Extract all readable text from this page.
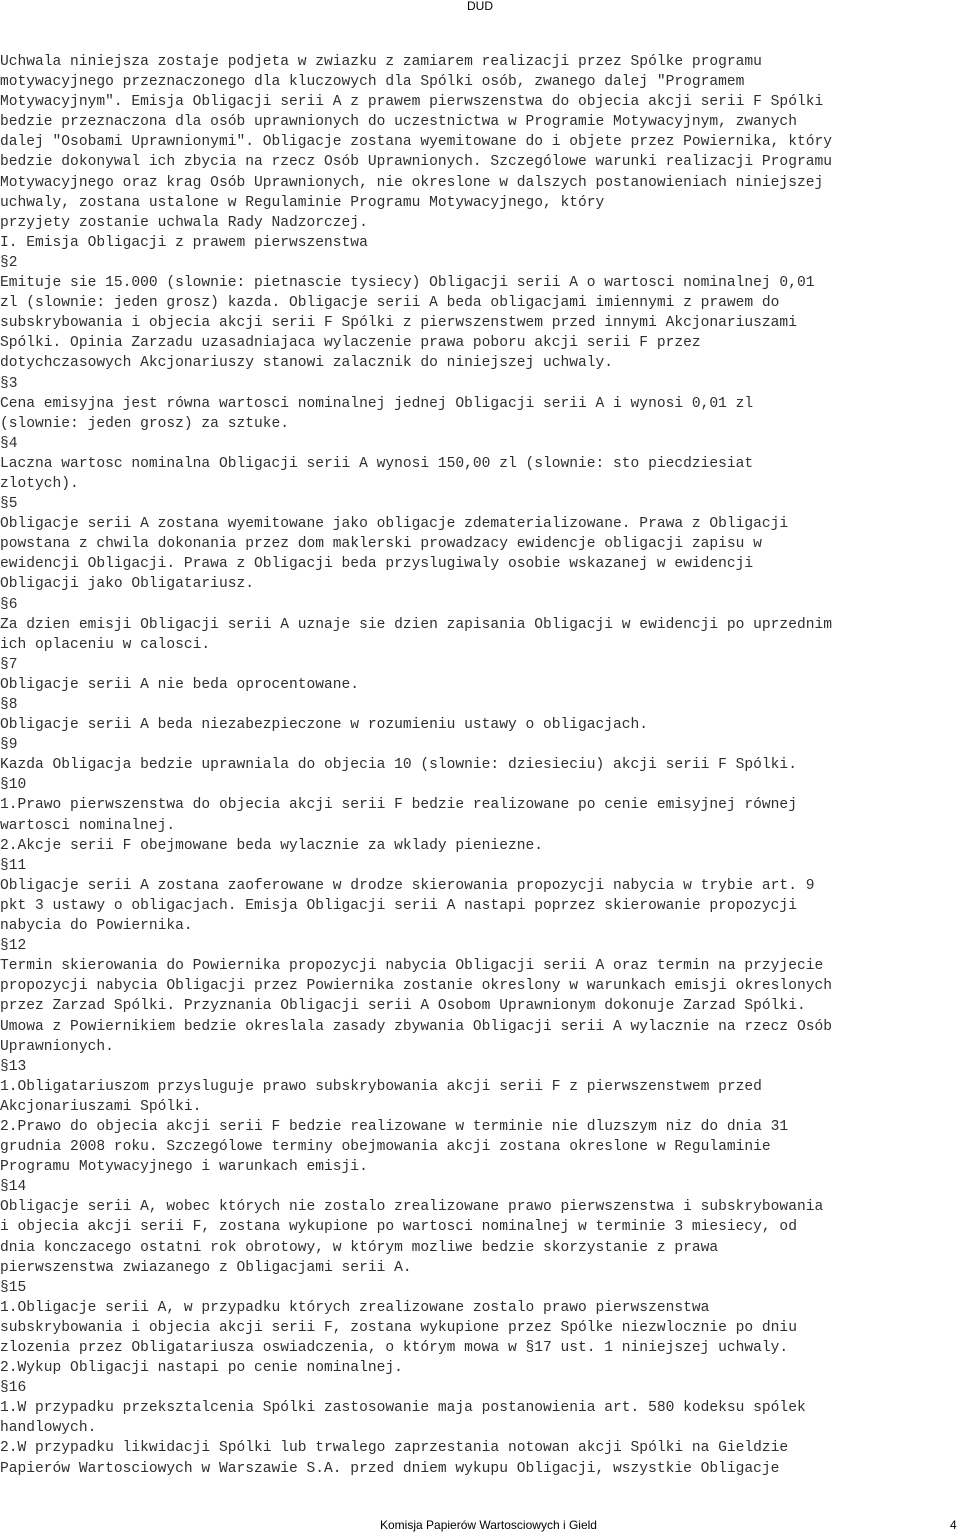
DUD
Uchwala niniejsza zostaje podjeta w zwiazku z zamiarem realizacji przez Spólke programu
motywacyjnego przeznaczonego dla kluczowych dla Spólki osób, zwanego dalej "Programem
Motywacyjnym". Emisja Obligacji serii A z prawem pierwszenstwa do objecia akcji serii F Spólki
bedzie przeznaczona dla osób uprawnionych do uczestnictwa w Programie Motywacyjnym, zwanych
dalej "Osobami Uprawnionymi". Obligacje zostana wyemitowane do i objete przez Powiernika, który
bedzie dokonywal ich zbycia na rzecz Osób Uprawnionych. Szczególowe warunki realizacji Programu
Motywacyjnego oraz krag Osób Uprawnionych, nie okreslone w dalszych postanowieniach niniejszej
uchwaly, zostana ustalone w Regulaminie Programu Motywacyjnego, który
przyjety zostanie uchwala Rady Nadzorczej.
I. Emisja Obligacji z prawem pierwszenstwa
§2
Emituje sie 15.000 (slownie: pietnascie tysiecy) Obligacji serii A o wartosci nominalnej 0,01
zl (slownie: jeden grosz) kazda. Obligacje serii A beda obligacjami imiennymi z prawem do
subskrybowania i objecia akcji serii F Spólki z pierwszenstwem przed innymi Akcjonariuszami
Spólki. Opinia Zarzadu uzasadniajaca wylaczenie prawa poboru akcji serii F przez
dotychczasowych Akcjonariuszy stanowi zalacznik do niniejszej uchwaly.
§3
Cena emisyjna jest równa wartosci nominalnej jednej Obligacji serii A i wynosi 0,01 zl
(slownie: jeden grosz) za sztuke.
§4
Laczna wartosc nominalna Obligacji serii A wynosi 150,00 zl (slownie: sto piecdziesiat
zlotych).
§5
Obligacje serii A zostana wyemitowane jako obligacje zdematerializowane. Prawa z Obligacji
powstana z chwila dokonania przez dom maklerski prowadzacy ewidencje obligacji zapisu w
ewidencji Obligacji. Prawa z Obligacji beda przyslugiwaly osobie wskazanej w ewidencji
Obligacji jako Obligatariusz.
§6
Za dzien emisji Obligacji serii A uznaje sie dzien zapisania Obligacji w ewidencji po uprzednim
ich oplaceniu w calosci.
§7
Obligacje serii A nie beda oprocentowane.
§8
Obligacje serii A beda niezabezpieczone w rozumieniu ustawy o obligacjach.
§9
Kazda Obligacja bedzie uprawniala do objecia 10 (slownie: dziesieciu) akcji serii F Spólki.
§10
1.Prawo pierwszenstwa do objecia akcji serii F bedzie realizowane po cenie emisyjnej równej
wartosci nominalnej.
2.Akcje serii F obejmowane beda wylacznie za wklady pieniezne.
§11
Obligacje serii A zostana zaoferowane w drodze skierowania propozycji nabycia w trybie art. 9
pkt 3 ustawy o obligacjach. Emisja Obligacji serii A nastapi poprzez skierowanie propozycji
nabycia do Powiernika.
§12
Termin skierowania do Powiernika propozycji nabycia Obligacji serii A oraz termin na przyjecie
propozycji nabycia Obligacji przez Powiernika zostanie okreslony w warunkach emisji okreslonych
przez Zarzad Spólki. Przyznania Obligacji serii A Osobom Uprawnionym dokonuje Zarzad Spólki.
Umowa z Powiernikiem bedzie okreslala zasady zbywania Obligacji serii A wylacznie na rzecz Osób
Uprawnionych.
§13
1.Obligatariuszom przysluguje prawo subskrybowania akcji serii F z pierwszenstwem przed
Akcjonariuszami Spólki.
2.Prawo do objecia akcji serii F bedzie realizowane w terminie nie dluzszym niz do dnia 31
grudnia 2008 roku. Szczególowe terminy obejmowania akcji zostana okreslone w Regulaminie
Programu Motywacyjnego i warunkach emisji.
§14
Obligacje serii A, wobec których nie zostalo zrealizowane prawo pierwszenstwa i subskrybowania
i objecia akcji serii F, zostana wykupione po wartosci nominalnej w terminie 3 miesiecy, od
dnia konczacego ostatni rok obrotowy, w którym mozliwe bedzie skorzystanie z prawa
pierwszenstwa zwiazanego z Obligacjami serii A.
§15
1.Obligacje serii A, w przypadku których zrealizowane zostalo prawo pierwszenstwa
subskrybowania i objecia akcji serii F, zostana wykupione przez Spólke niezwlocznie po dniu
zlozenia przez Obligatariusza oswiadczenia, o którym mowa w §17 ust. 1 niniejszej uchwaly.
2.Wykup Obligacji nastapi po cenie nominalnej.
§16
1.W przypadku przeksztalcenia Spólki zastosowanie maja postanowienia art. 580 kodeksu spólek
handlowych.
2.W przypadku likwidacji Spólki lub trwalego zaprzestania notowan akcji Spólki na Gieldzie
Papierów Wartosciowych w Warszawie S.A. przed dniem wykupu Obligacji, wszystkie Obligacje
Komisja Papierów Wartosciowych i Gield	4
